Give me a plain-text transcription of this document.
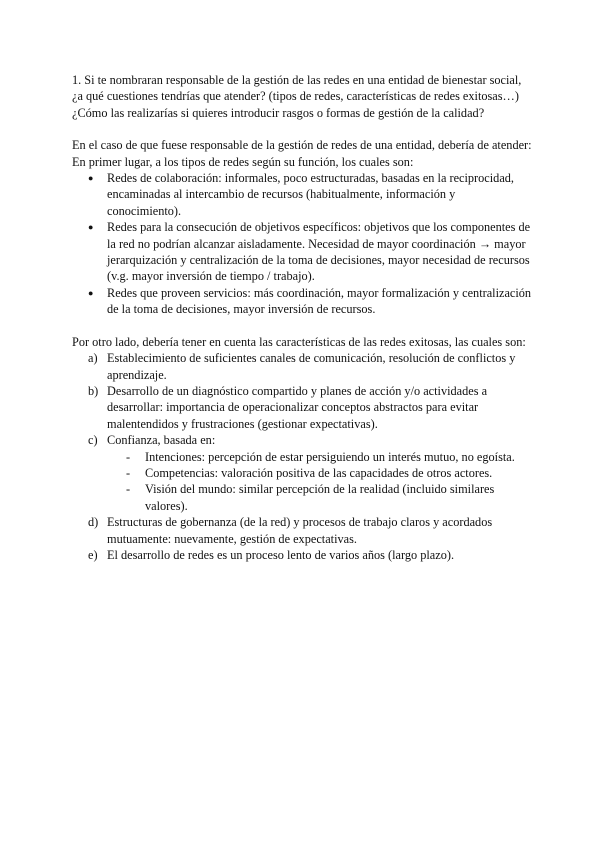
1. Si te nombraran responsable de la gestión de las redes en una entidad de bienestar social,

¿a qué cuestiones tendrías que atender? (tipos de redes, características de redes exitosas…)

¿Cómo las realizarías si quieres introducir rasgos o formas de gestión de la calidad?

En el caso de que fuese responsable de la gestión de redes de una entidad, debería de atender:

En primer lugar, a los tipos de redes según su función, los cuales son:

● Redes de colaboración: informales, poco estructuradas, basadas en la reciprocidad, encaminadas al intercambio de recursos (habitualmente, información y conocimiento).
● Redes para la consecución de objetivos específicos: objetivos que los componentes de la red no podrían alcanzar aisladamente. Necesidad de mayor coordinación → mayor jerarquización y centralización de la toma de decisiones, mayor necesidad de recursos (v.g. mayor inversión de tiempo / trabajo).
● Redes que proveen servicios: más coordinación, mayor formalización y centralización de la toma de decisiones, mayor inversión de recursos.

Por otro lado, debería tener en cuenta las características de las redes exitosas, las cuales son:

a) Establecimiento de suficientes canales de comunicación, resolución de conflictos y aprendizaje.
b) Desarrollo de un diagnóstico compartido y planes de acción y/o actividades a desarrollar: importancia de operacionalizar conceptos abstractos para evitar malentendidos y frustraciones (gestionar expectativas).
c) Confianza, basada en:
- Intenciones: percepción de estar persiguiendo un interés mutuo, no egoísta.
- Competencias: valoración positiva de las capacidades de otros actores.
- Visión del mundo: similar percepción de la realidad (incluido similares valores).
d) Estructuras de gobernanza (de la red) y procesos de trabajo claros y acordados mutuamente: nuevamente, gestión de expectativas.
e) El desarrollo de redes es un proceso lento de varios años (largo plazo).
